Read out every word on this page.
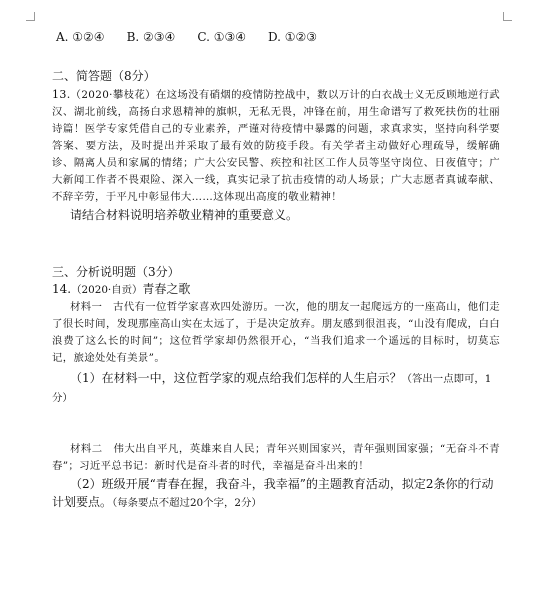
A. ①②④ B. ②③④ C. ①③④ D. ①②③
二、简答题（8分）
13.（2020·攀枝花）在这场没有硝烟的疫情防控战中，数以万计的白衣战士义无反顾地逆行武汉、湖北前线，高扬白求恩精神的旗帜，无私无畏，冲锋在前，用生命谱写了救死扶伤的壮丽诗篇！医学专家凭借自己的专业素养，严谨对待疫情中暴露的问题，求真求实，坚持向科学要答案、要方法，及时提出并采取了最有效的防疫手段。有关学者主动做好心理疏导，缓解确诊、隔离人员和家属的情绪；广大公安民警、疾控和社区工作人员等坚守岗位、日夜值守；广大新闻工作者不畏艰险、深入一线，真实记录了抗击疫情的动人场景；广大志愿者真诚奉献、不辞辛劳，于平凡中彰显伟大……这体现出高度的敬业精神！
请结合材料说明培养敬业精神的重要意义。
三、分析说明题（3分）
14.（2020·自贡）青春之歌
材料一　古代有一位哲学家喜欢四处游历。一次，他的朋友一起爬远方的一座高山，他们走了很长时间，发现那座高山实在太远了，于是决定放弃。朋友感到很沮丧，“山没有爬成，白白浪费了这么长的时间”；这位哲学家却仍然很开心，“当我们追求一个遥远的目标时，切莫忘记，旅途处处有美景”。
（1）在材料一中，这位哲学家的观点给我们怎样的人生启示？（答出一点即可，1分）
材料二　伟大出自平凡，英雄来自人民；青年兴则国家兴，青年强则国家强；“无奋斗不青春”；习近平总书记：新时代是奋斗者的时代，幸福是奋斗出来的！
（2）班级开展“青春在握，我奋斗，我幸福”的主题教育活动，拟定2条你的行动计划要点。（每条要点不超过20个字，2分）
